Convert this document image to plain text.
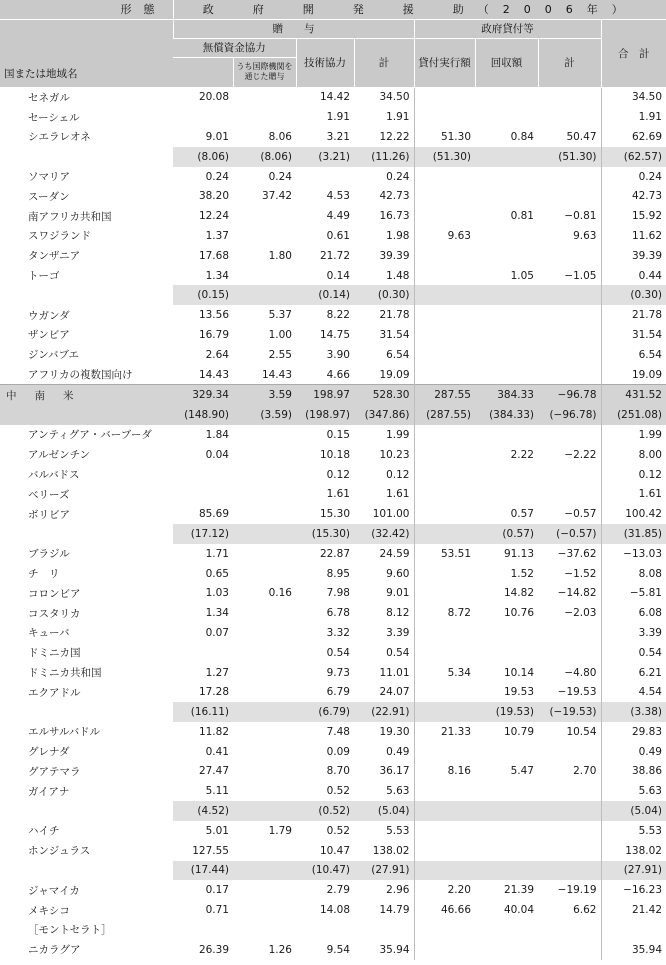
形態	政　府　開　発　援　助（2006年）							
国または地域名	贈　　与				政府貸付等			合　計
	無償資金協力		技術協力	計	貸付実行額	回収額	計	
		うち国際機関を通じた贈与						
セネガル	20.08		14.42	34.50				34.50
セーシェル			1.91	1.91				1.91
シエラレオネ	9.01	8.06	3.21	12.22	51.30	0.84	50.47	62.69
	(8.06)	(8.06)	(3.21)	(11.26)	(51.30)		(51.30)	(62.57)
ソマリア	0.24	0.24		0.24				0.24
スーダン	38.20	37.42	4.53	42.73				42.73
南アフリカ共和国	12.24		4.49	16.73		0.81	−0.81	15.92
スワジランド	1.37		0.61	1.98	9.63		9.63	11.62
タンザニア	17.68	1.80	21.72	39.39				39.39
トーゴ	1.34		0.14	1.48		1.05	−1.05	0.44
	(0.15)		(0.14)	(0.30)				(0.30)
ウガンダ	13.56	5.37	8.22	21.78				21.78
ザンビア	16.79	1.00	14.75	31.54				31.54
ジンバブエ	2.64	2.55	3.90	6.54				6.54
アフリカの複数国向け	14.43	14.43	4.66	19.09				19.09
中南米	329.34	3.59	198.97	528.30	287.55	384.33	−96.78	431.52
	(148.90)	(3.59)	(198.97)	(347.86)	(287.55)	(384.33)	(−96.78)	(251.08)
アンティグア・バーブーダ	1.84		0.15	1.99				1.99
アルゼンチン	0.04		10.18	10.23		2.22	−2.22	8.00
バルバドス			0.12	0.12				0.12
ベリーズ			1.61	1.61				1.61
ボリビア	85.69		15.30	101.00		0.57	−0.57	100.42
	(17.12)		(15.30)	(32.42)		(0.57)	(−0.57)	(31.85)
ブラジル	1.71		22.87	24.59	53.51	91.13	−37.62	−13.03
チ　リ	0.65		8.95	9.60		1.52	−1.52	8.08
コロンビア	1.03	0.16	7.98	9.01		14.82	−14.82	−5.81
コスタリカ	1.34		6.78	8.12	8.72	10.76	−2.03	6.08
キューバ	0.07		3.32	3.39				3.39
ドミニカ国			0.54	0.54				0.54
ドミニカ共和国	1.27		9.73	11.01	5.34	10.14	−4.80	6.21
エクアドル	17.28		6.79	24.07		19.53	−19.53	4.54
	(16.11)		(6.79)	(22.91)		(19.53)	(−19.53)	(3.38)
エルサルバドル	11.82		7.48	19.30	21.33	10.79	10.54	29.83
グレナダ	0.41		0.09	0.49				0.49
グアテマラ	27.47		8.70	36.17	8.16	5.47	2.70	38.86
ガイアナ	5.11		0.52	5.63				5.63
	(4.52)		(0.52)	(5.04)				(5.04)
ハイチ	5.01	1.79	0.52	5.53				5.53
ホンジュラス	127.55		10.47	138.02				138.02
	(17.44)		(10.47)	(27.91)				(27.91)
ジャマイカ	0.17		2.79	2.96	2.20	21.39	−19.19	−16.23
メキシコ	0.71		14.08	14.79	46.66	40.04	6.62	21.42
［モントセラト］								
ニカラグア	26.39	1.26	9.54	35.94				35.94
